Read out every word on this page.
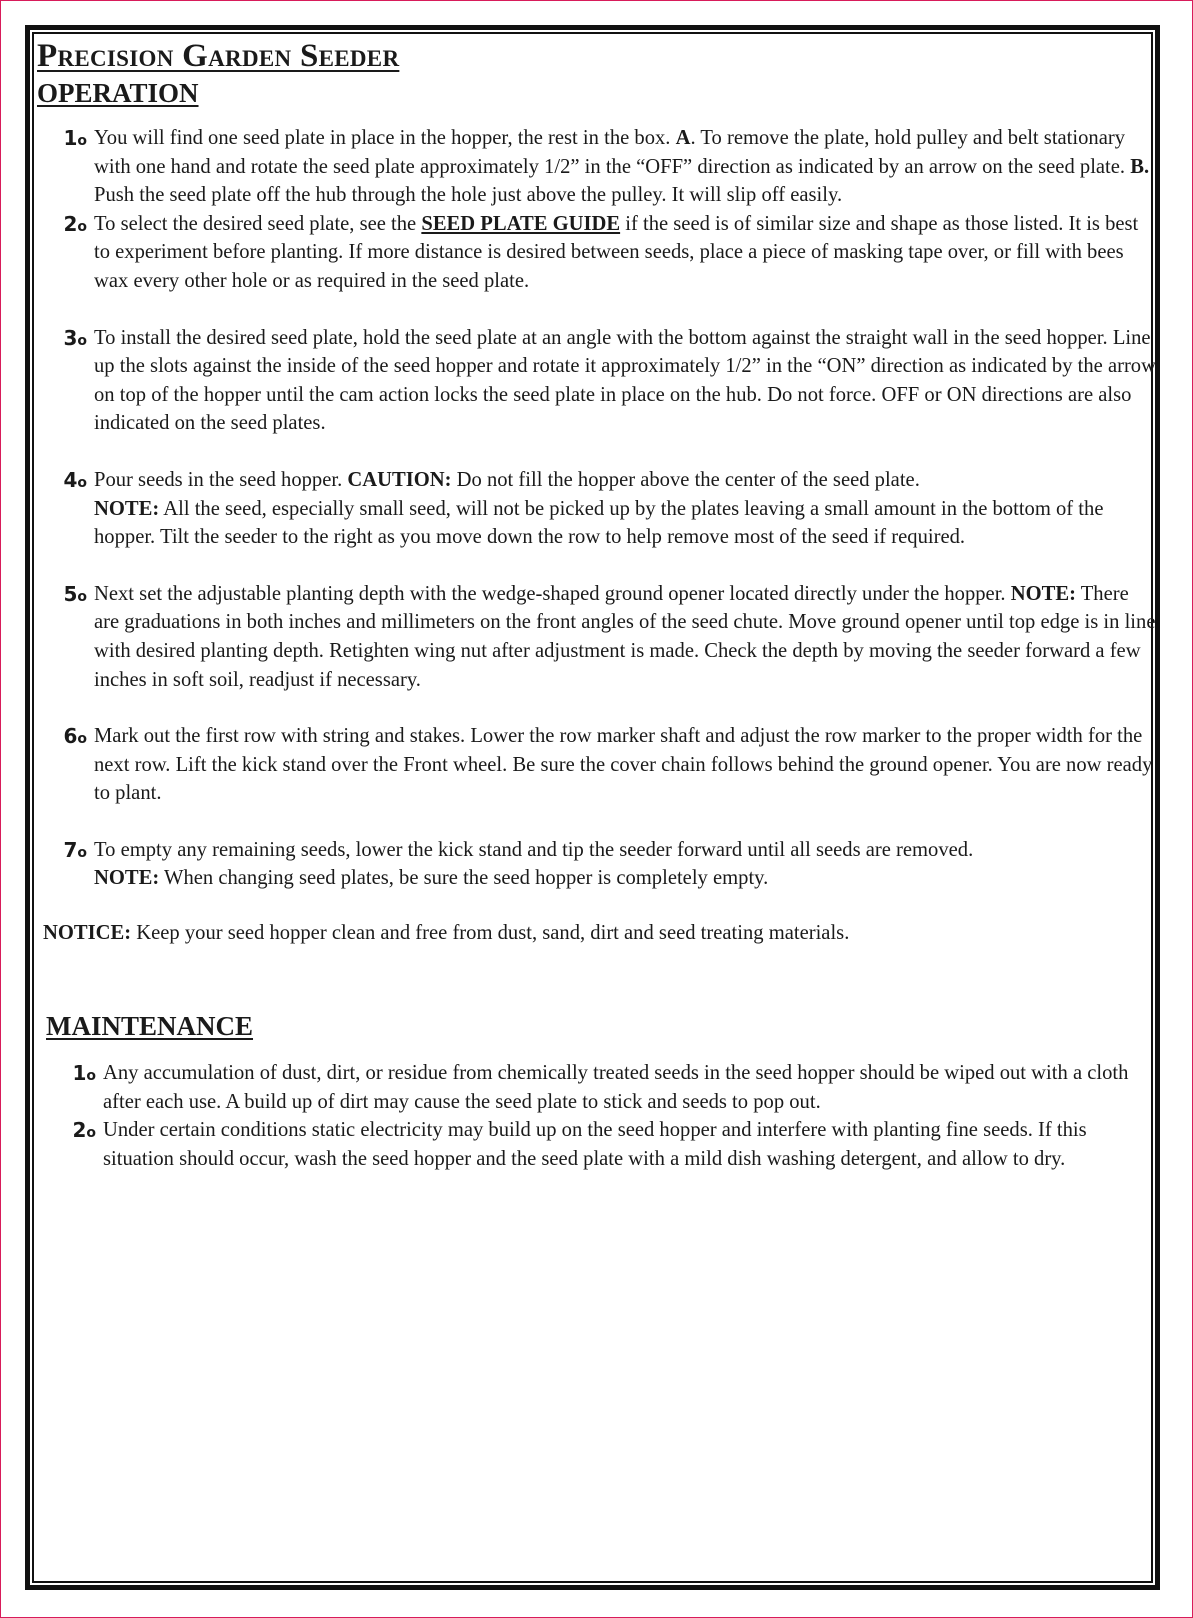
Precision Garden Seeder
OPERATION
1o You will find one seed plate in place in the hopper, the rest in the box. A. To remove the plate, hold pulley and belt stationary with one hand and rotate the seed plate approximately 1/2” in the “OFF” direction as indicated by an arrow on the seed plate. B. Push the seed plate off the hub through the hole just above the pulley. It will slip off easily.
2o To select the desired seed plate, see the SEED PLATE GUIDE if the seed is of similar size and shape as those listed. It is best to experiment before planting. If more distance is desired between seeds, place a piece of masking tape over, or fill with bees wax every other hole or as required in the seed plate.
3o To install the desired seed plate, hold the seed plate at an angle with the bottom against the straight wall in the seed hopper. Line up the slots against the inside of the seed hopper and rotate it approximately 1/2” in the “ON” direction as indicated by the arrow on top of the hopper until the cam action locks the seed plate in place on the hub. Do not force. OFF or ON directions are also indicated on the seed plates.
4o Pour seeds in the seed hopper. CAUTION: Do not fill the hopper above the center of the seed plate.
NOTE: All the seed, especially small seed, will not be picked up by the plates leaving a small amount in the bottom of the hopper. Tilt the seeder to the right as you move down the row to help remove most of the seed if required.
5o Next set the adjustable planting depth with the wedge-shaped ground opener located directly under the hopper. NOTE: There are graduations in both inches and millimeters on the front angles of the seed chute. Move ground opener until top edge is in line with desired planting depth. Retighten wing nut after adjustment is made. Check the depth by moving the seeder forward a few inches in soft soil, readjust if necessary.
6o Mark out the first row with string and stakes. Lower the row marker shaft and adjust the row marker to the proper width for the next row. Lift the kick stand over the Front wheel. Be sure the cover chain follows behind the ground opener. You are now ready to plant.
7o To empty any remaining seeds, lower the kick stand and tip the seeder forward until all seeds are removed.
NOTE: When changing seed plates, be sure the seed hopper is completely empty.

NOTICE: Keep your seed hopper clean and free from dust, sand, dirt and seed treating materials.

MAINTENANCE
1o Any accumulation of dust, dirt, or residue from chemically treated seeds in the seed hopper should be wiped out with a cloth after each use. A build up of dirt may cause the seed plate to stick and seeds to pop out.
2o Under certain conditions static electricity may build up on the seed hopper and interfere with planting fine seeds. If this situation should occur, wash the seed hopper and the seed plate with a mild dish washing detergent, and allow to dry.
